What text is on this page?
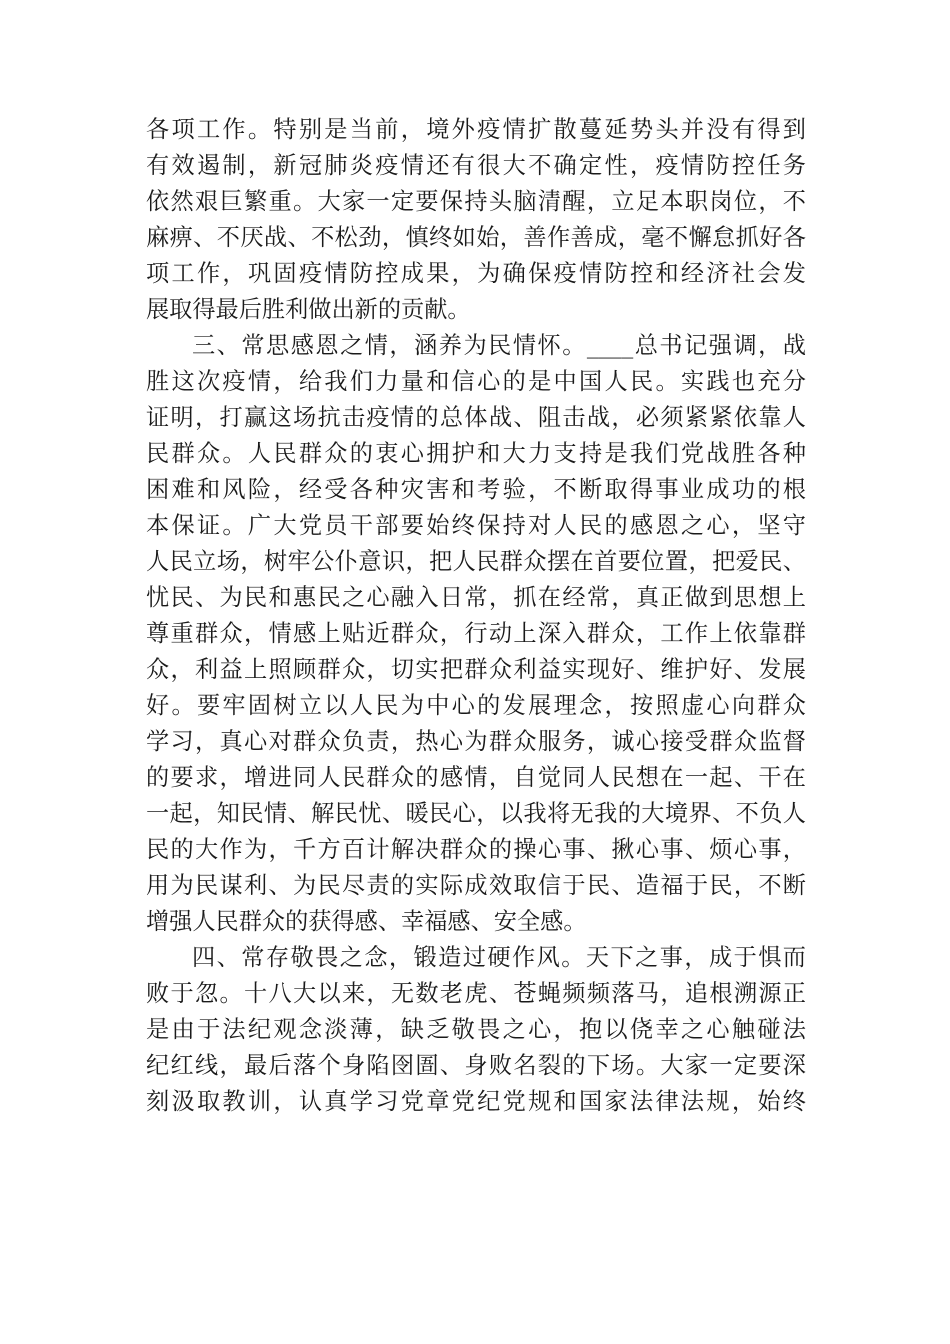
各项工作。特别是当前，境外疫情扩散蔓延势头并没有得到
有效遏制，新冠肺炎疫情还有很大不确定性，疫情防控任务
依然艰巨繁重。大家一定要保持头脑清醒，立足本职岗位，不
麻痹、不厌战、不松劲，慎终如始，善作善成，毫不懈怠抓好各
项工作，巩固疫情防控成果，为确保疫情防控和经济社会发
展取得最后胜利做出新的贡献。
三、常思感恩之情，涵养为民情怀。____总书记强调，战
胜这次疫情，给我们力量和信心的是中国人民。实践也充分
证明，打赢这场抗击疫情的总体战、阻击战，必须紧紧依靠人
民群众。人民群众的衷心拥护和大力支持是我们党战胜各种
困难和风险，经受各种灾害和考验，不断取得事业成功的根
本保证。广大党员干部要始终保持对人民的感恩之心，坚守
人民立场，树牢公仆意识，把人民群众摆在首要位置，把爱民、
忧民、为民和惠民之心融入日常，抓在经常，真正做到思想上
尊重群众，情感上贴近群众，行动上深入群众，工作上依靠群
众，利益上照顾群众，切实把群众利益实现好、维护好、发展
好。要牢固树立以人民为中心的发展理念，按照虚心向群众
学习，真心对群众负责，热心为群众服务，诚心接受群众监督
的要求，增进同人民群众的感情，自觉同人民想在一起、干在
一起，知民情、解民忧、暖民心，以我将无我的大境界、不负人
民的大作为，千方百计解决群众的操心事、揪心事、烦心事，
用为民谋利、为民尽责的实际成效取信于民、造福于民，不断
增强人民群众的获得感、幸福感、安全感。
四、常存敬畏之念，锻造过硬作风。天下之事，成于惧而
败于忽。十八大以来，无数老虎、苍蝇频频落马，追根溯源正
是由于法纪观念淡薄，缺乏敬畏之心，抱以侥幸之心触碰法
纪红线，最后落个身陷囹圄、身败名裂的下场。大家一定要深
刻汲取教训，认真学习党章党纪党规和国家法律法规，始终
